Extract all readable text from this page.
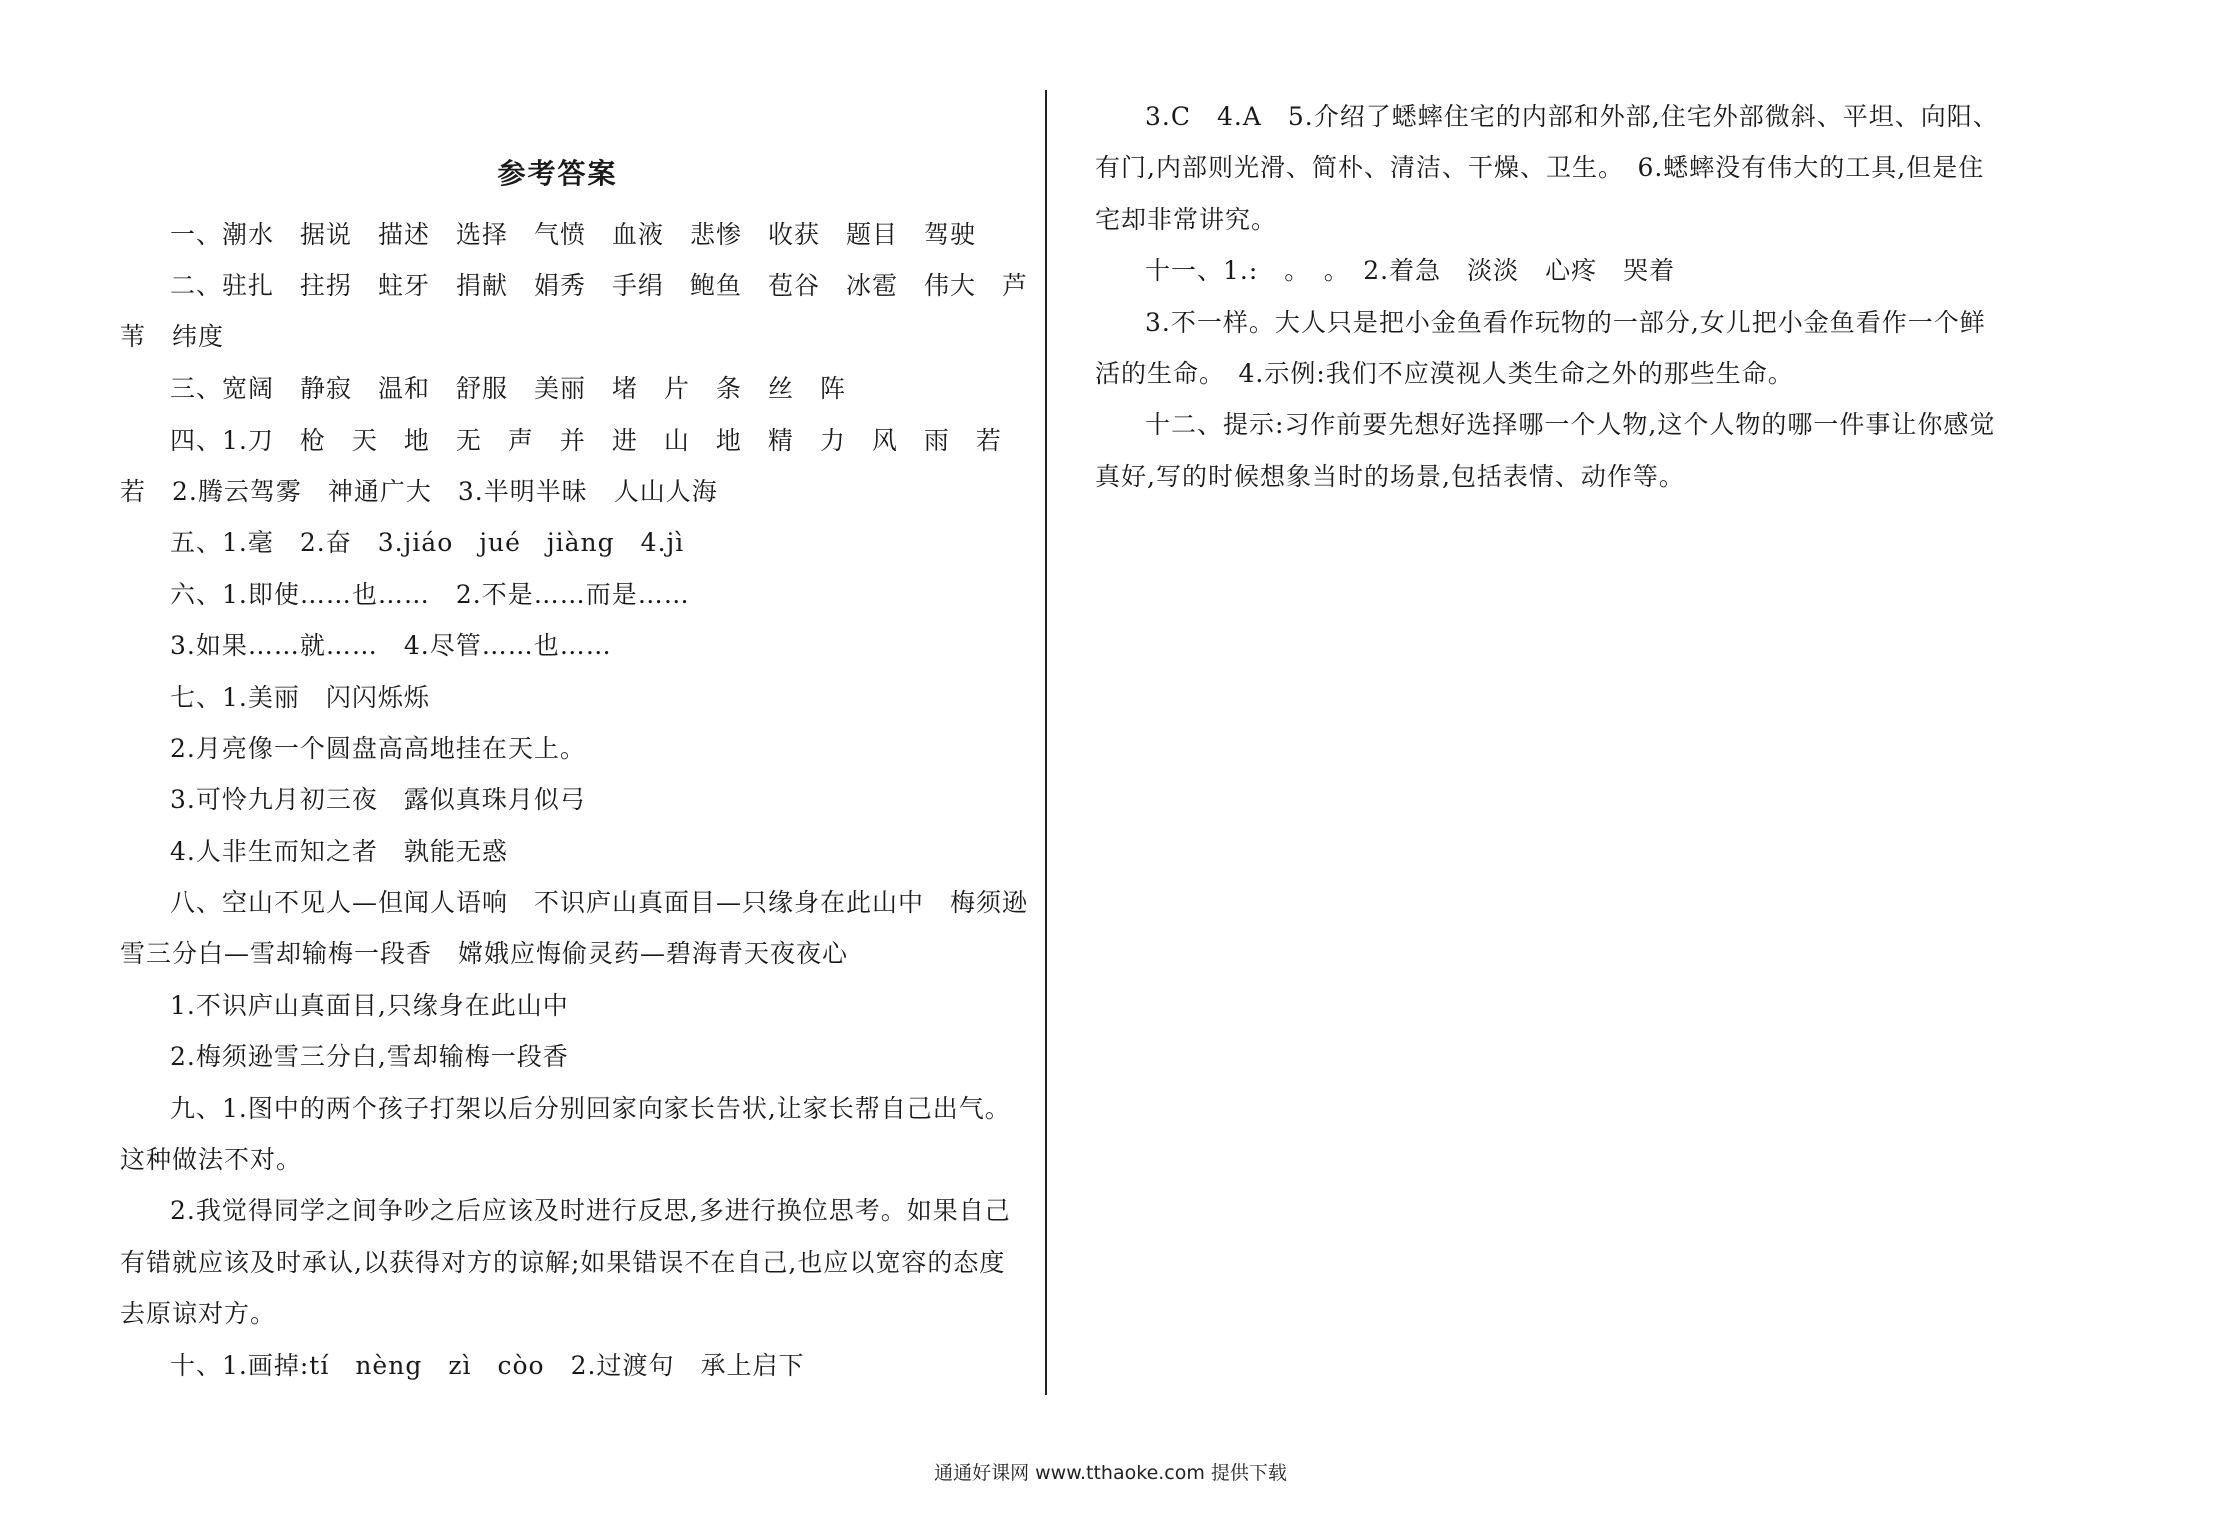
参考答案
一、潮水　据说　描述　选择　气愤　血液　悲惨　收获　题目　驾驶
二、驻扎　拄拐　蛀牙　捐献　娟秀　手绢　鲍鱼　苞谷　冰雹　伟大　芦
苇　纬度
三、宽阔　静寂　温和　舒服　美丽　堵　片　条　丝　阵
四、1.刀　枪　天　地　无　声　并　进　山　地　精　力　风　雨　若
若　2.腾云驾雾　神通广大　3.半明半昧　人山人海
五、1.毫　2.奋　3.jiáo　jué　jiàng　4.jì
六、1.即使……也……　2.不是……而是……
3.如果……就……　4.尽管……也……
七、1.美丽　闪闪烁烁
2.月亮像一个圆盘高高地挂在天上。
3.可怜九月初三夜　露似真珠月似弓
4.人非生而知之者　孰能无惑
八、空山不见人—但闻人语响　不识庐山真面目—只缘身在此山中　梅须逊
雪三分白—雪却输梅一段香　嫦娥应悔偷灵药—碧海青天夜夜心
1.不识庐山真面目,只缘身在此山中
2.梅须逊雪三分白,雪却输梅一段香
九、1.图中的两个孩子打架以后分别回家向家长告状,让家长帮自己出气。
这种做法不对。
2.我觉得同学之间争吵之后应该及时进行反思,多进行换位思考。如果自己
有错就应该及时承认,以获得对方的谅解;如果错误不在自己,也应以宽容的态度
去原谅对方。
十、1.画掉:tí　nèng　zì　còo　2.过渡句　承上启下
3.C　4.A　5.介绍了蟋蟀住宅的内部和外部,住宅外部微斜、平坦、向阳、
有门,内部则光滑、简朴、清洁、干燥、卫生。　6.蟋蟀没有伟大的工具,但是住
宅却非常讲究。
十一、1.:　。　。　2.着急　淡淡　心疼　哭着
3.不一样。大人只是把小金鱼看作玩物的一部分,女儿把小金鱼看作一个鲜
活的生命。　4.示例:我们不应漠视人类生命之外的那些生命。
十二、提示:习作前要先想好选择哪一个人物,这个人物的哪一件事让你感觉
真好,写的时候想象当时的场景,包括表情、动作等。
通通好课网 www.tthaoke.com 提供下载
